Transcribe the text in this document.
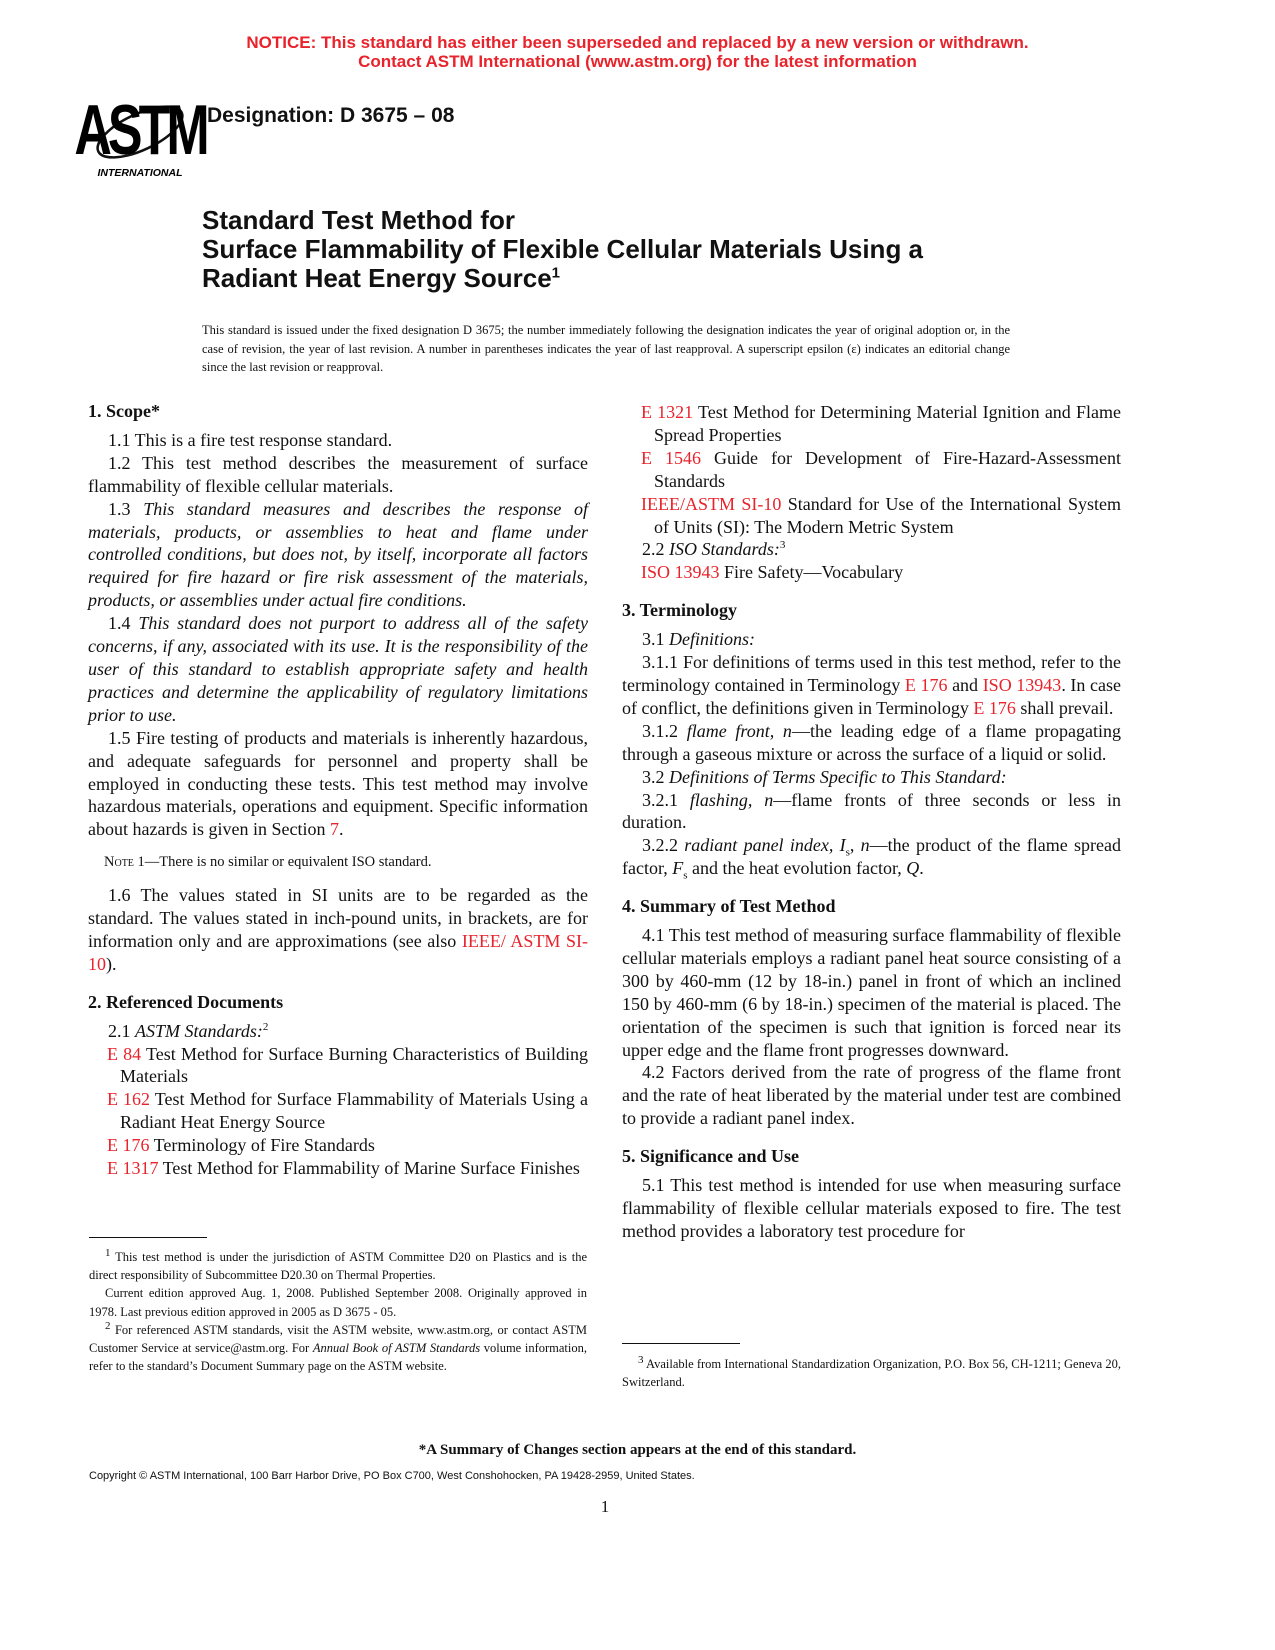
NOTICE: This standard has either been superseded and replaced by a new version or withdrawn.
Contact ASTM International (www.astm.org) for the latest information
ASTM
INTERNATIONAL
Designation: D 3675 – 08
Standard Test Method for
Surface Flammability of Flexible Cellular Materials Using a
Radiant Heat Energy Source$^1$
This standard is issued under the fixed designation D 3675; the number immediately following the designation indicates the year of original adoption or, in the case of revision, the year of last revision. A number in parentheses indicates the year of last reapproval. A superscript epsilon (ε) indicates an editorial change since the last revision or reapproval.
1. Scope*
1.1 This is a fire test response standard.
1.2 This test method describes the measurement of surface flammability of flexible cellular materials.
1.3 This standard measures and describes the response of materials, products, or assemblies to heat and flame under controlled conditions, but does not, by itself, incorporate all factors required for fire hazard or fire risk assessment of the materials, products, or assemblies under actual fire conditions.
1.4 This standard does not purport to address all of the safety concerns, if any, associated with its use. It is the responsibility of the user of this standard to establish appropriate safety and health practices and determine the applicability of regulatory limitations prior to use.
1.5 Fire testing of products and materials is inherently hazardous, and adequate safeguards for personnel and property shall be employed in conducting these tests. This test method may involve hazardous materials, operations and equipment. Specific information about hazards is given in Section 7.
Note 1—There is no similar or equivalent ISO standard.
1.6 The values stated in SI units are to be regarded as the standard. The values stated in inch-pound units, in brackets, are for information only and are approximations (see also IEEE/ ASTM SI-10).
2. Referenced Documents
2.1 ASTM Standards:$^2$
E 84 Test Method for Surface Burning Characteristics of Building Materials
E 162 Test Method for Surface Flammability of Materials Using a Radiant Heat Energy Source
E 176 Terminology of Fire Standards
E 1317 Test Method for Flammability of Marine Surface Finishes
E 1321 Test Method for Determining Material Ignition and Flame Spread Properties
E 1546 Guide for Development of Fire-Hazard-Assessment Standards
IEEE/ASTM SI-10 Standard for Use of the International System of Units (SI): The Modern Metric System
2.2 ISO Standards:$^3$
ISO 13943 Fire Safety—Vocabulary
3. Terminology
3.1 Definitions:
3.1.1 For definitions of terms used in this test method, refer to the terminology contained in Terminology E 176 and ISO 13943. In case of conflict, the definitions given in Terminology E 176 shall prevail.
3.1.2 flame front, n—the leading edge of a flame propagating through a gaseous mixture or across the surface of a liquid or solid.
3.2 Definitions of Terms Specific to This Standard:
3.2.1 flashing, n—flame fronts of three seconds or less in duration.
3.2.2 radiant panel index, $I_s$, n—the product of the flame spread factor, $F_s$ and the heat evolution factor, Q.
4. Summary of Test Method
4.1 This test method of measuring surface flammability of flexible cellular materials employs a radiant panel heat source consisting of a 300 by 460-mm (12 by 18-in.) panel in front of which an inclined 150 by 460-mm (6 by 18-in.) specimen of the material is placed. The orientation of the specimen is such that ignition is forced near its upper edge and the flame front progresses downward.
4.2 Factors derived from the rate of progress of the flame front and the rate of heat liberated by the material under test are combined to provide a radiant panel index.
5. Significance and Use
5.1 This test method is intended for use when measuring surface flammability of flexible cellular materials exposed to fire. The test method provides a laboratory test procedure for

$^1$ This test method is under the jurisdiction of ASTM Committee D20 on Plastics and is the direct responsibility of Subcommittee D20.30 on Thermal Properties.

Current edition approved Aug. 1, 2008. Published September 2008. Originally approved in 1978. Last previous edition approved in 2005 as D 3675 - 05.

$^2$ For referenced ASTM standards, visit the ASTM website, www.astm.org, or contact ASTM Customer Service at service@astm.org. For Annual Book of ASTM Standards volume information, refer to the standard’s Document Summary page on the ASTM website.	$^3$ Available from International Standardization Organization, P.O. Box 56, CH-1211; Geneva 20, Switzerland.

*A Summary of Changes section appears at the end of this standard.
Copyright © ASTM International, 100 Barr Harbor Drive, PO Box C700, West Conshohocken, PA 19428-2959, United States.
1
